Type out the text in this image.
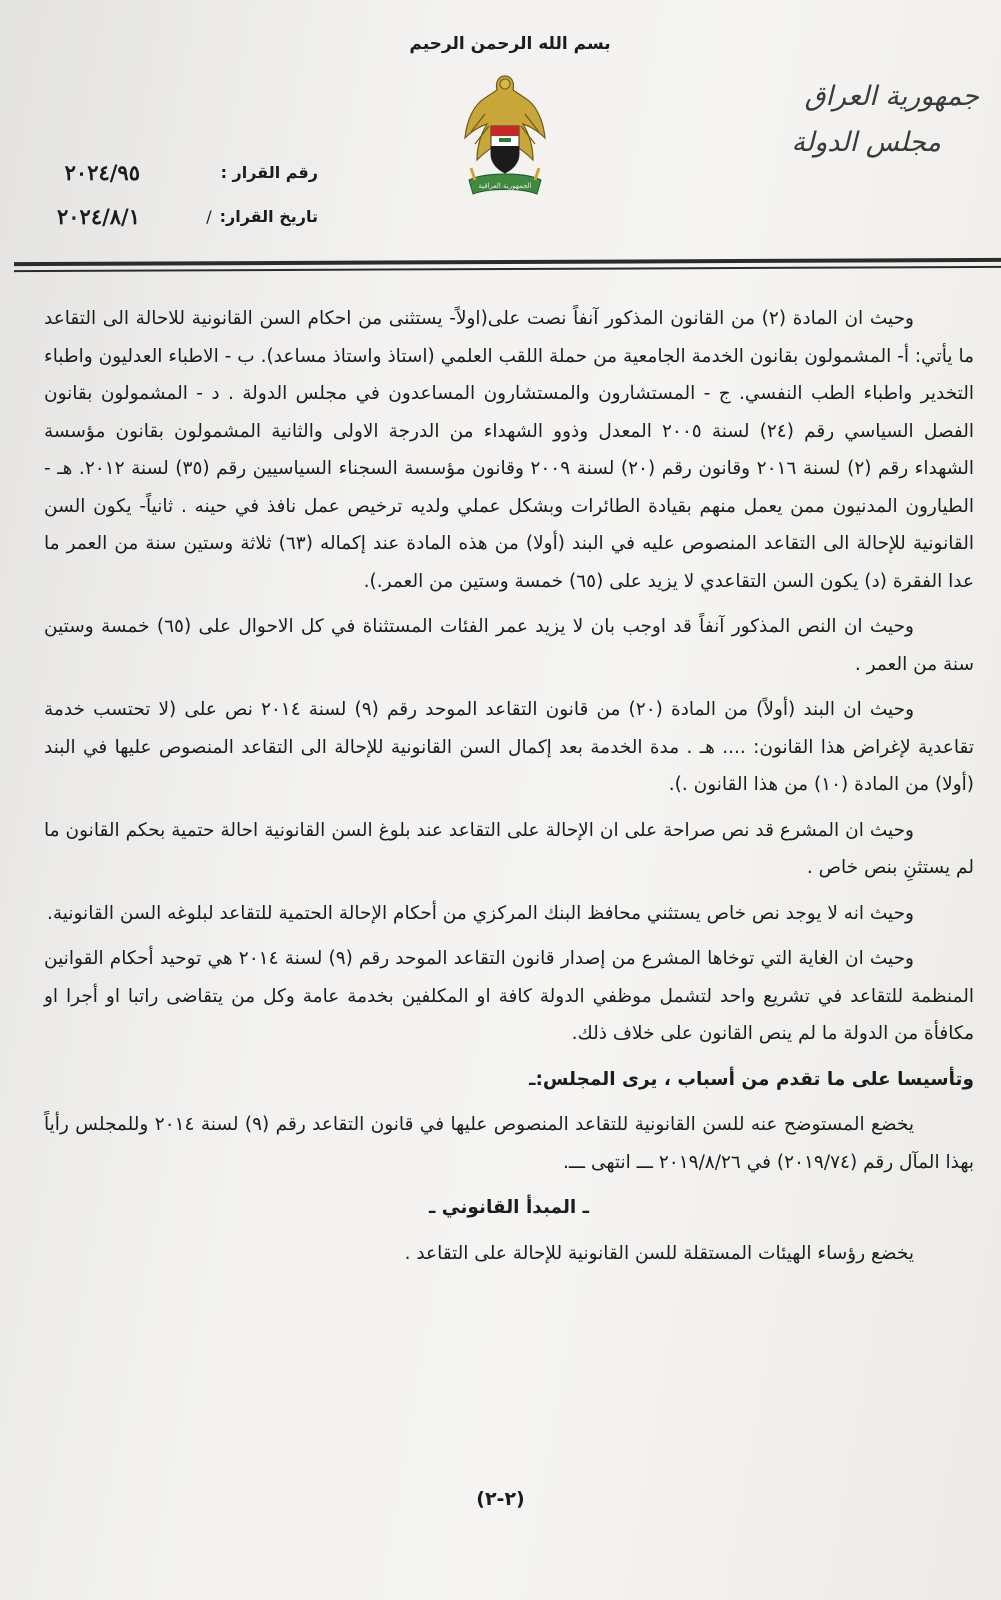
بسم الله الرحمن الرحيم
الجمهورية العراقية
جمهورية العراق
مجلس الدولة
رقم القرار :
٢٠٢٤/٩٥
تاريخ القرار:
/
٢٠٢٤/٨/١

وحيث ان المادة (٢) من القانون المذكور آنفاً نصت على(اولاً- يستثنى من احكام السن القانونية للاحالة الى التقاعد ما يأتي: أ- المشمولون بقانون الخدمة الجامعية من حملة اللقب العلمي (استاذ واستاذ مساعد). ب - الاطباء العدليون واطباء التخدير واطباء الطب النفسي. ج - المستشارون والمستشارون المساعدون في مجلس الدولة . د - المشمولون بقانون الفصل السياسي رقم (٢٤) لسنة ٢٠٠٥ المعدل وذوو الشهداء من الدرجة الاولى والثانية المشمولون بقانون مؤسسة الشهداء رقم (٢) لسنة ٢٠١٦ وقانون رقم (٢٠) لسنة ٢٠٠٩ وقانون مؤسسة السجناء السياسيين رقم (٣٥) لسنة ٢٠١٢. هـ - الطيارون المدنيون ممن يعمل منهم بقيادة الطائرات وبشكل عملي ولديه ترخيص عمل نافذ في حينه . ثانياً- يكون السن القانونية للإحالة الى التقاعد المنصوص عليه في البند (أولا) من هذه المادة عند إكماله (٦٣) ثلاثة وستين سنة من العمر ما عدا الفقرة (د) يكون السن التقاعدي لا يزيد على (٦٥) خمسة وستين من العمر.).

وحيث ان النص المذكور آنفاً قد اوجب بان لا يزيد عمر الفئات المستثناة في كل الاحوال على (٦٥) خمسة وستين سنة من العمر .

وحيث ان البند (أولاً) من المادة (٢٠) من قانون التقاعد الموحد رقم (٩) لسنة ٢٠١٤ نص على (لا تحتسب خدمة تقاعدية لإغراض هذا القانون: .... هـ . مدة الخدمة بعد إكمال السن القانونية للإحالة الى التقاعد المنصوص عليها في البند (أولا) من المادة (١٠) من هذا القانون .).

وحيث ان المشرع قد نص صراحة على ان الإحالة على التقاعد عند بلوغ السن القانونية احالة حتمية بحكم القانون ما لم يستثنِ بنص خاص .

وحيث انه لا يوجد نص خاص يستثني محافظ البنك المركزي من أحكام الإحالة الحتمية للتقاعد لبلوغه السن القانونية.

وحيث ان الغاية التي توخاها المشرع من إصدار قانون التقاعد الموحد رقم (٩) لسنة ٢٠١٤ هي توحيد أحكام القوانين المنظمة للتقاعد في تشريع واحد لتشمل موظفي الدولة كافة او المكلفين بخدمة عامة وكل من يتقاضى راتبا او أجرا او مكافأة من الدولة ما لم ينص القانون على خلاف ذلك.

وتأسيسا على ما تقدم من أسباب ، يرى المجلس:ـ

يخضع المستوضح عنه للسن القانونية للتقاعد المنصوص عليها في قانون التقاعد رقم (٩) لسنة ٢٠١٤ وللمجلس رأياً بهذا المآل رقم (٢٠١٩/٧٤) في ٢٠١٩/٨/٢٦ ـــ انتهى ـــ.

ـ المبدأ القانوني ـ

يخضع رؤساء الهيئات المستقلة للسن القانونية للإحالة على التقاعد .

(٢-٢)
